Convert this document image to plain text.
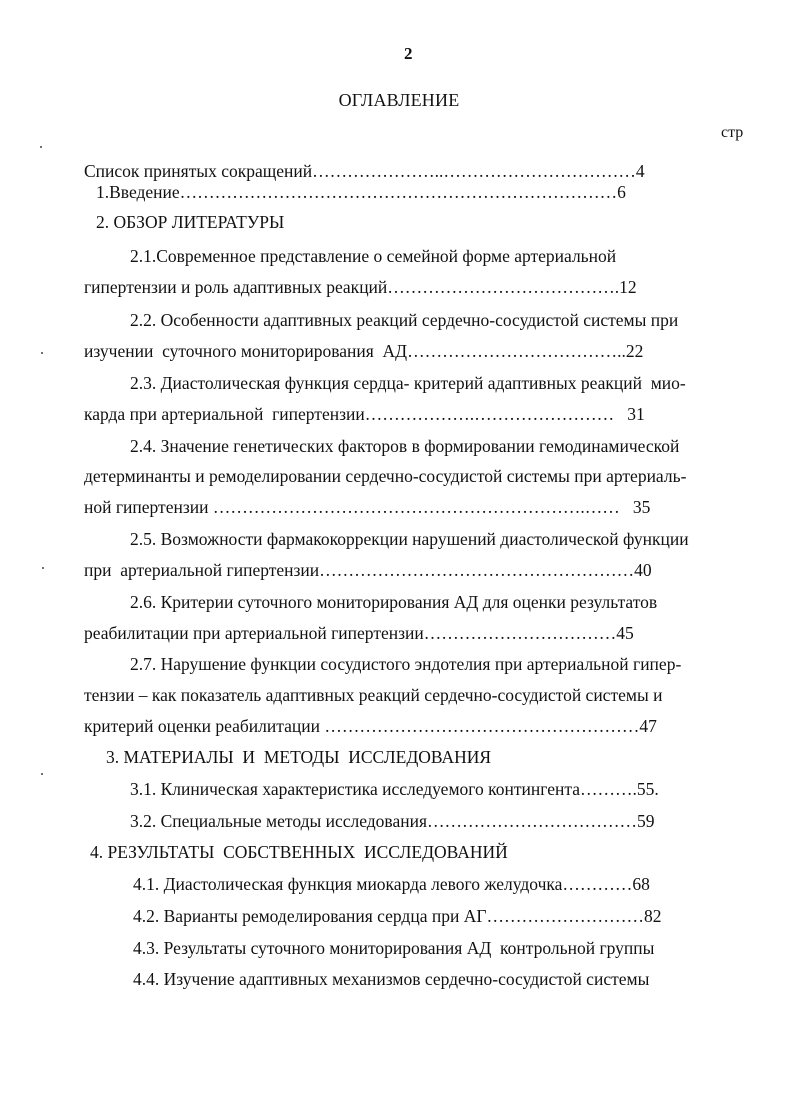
2
ОГЛАВЛЕНИЕ
стр
Список принятых сокращений…………………..……………………………4
1.Введение…………………………………………………………………6
2. ОБЗОР ЛИТЕРАТУРЫ
2.1.Современное представление о семейной форме артериальной
гипертензии и роль адаптивных реакций………………………………….12
2.2. Особенности адаптивных реакций сердечно-сосудистой системы при
изучении  суточного мониторирования  АД………………………………..22
2.3. Диастолическая функция сердца- критерий адаптивных реакций  мио-
карда при артериальной  гипертензии……………….……………………   31
2.4. Значение генетических факторов в формировании гемодинамической
детерминанты и ремоделировании сердечно-сосудистой системы при артериаль-
ной гипертензии ……………………………………………………….……   35
2.5. Возможности фармакокоррекции нарушений диастолической функции
при  артериальной гипертензии………………………………………………40
2.6. Критерии суточного мониторирования АД для оценки результатов
реабилитации при артериальной гипертензии……………………………45
2.7. Нарушение функции сосудистого эндотелия при артериальной гипер-
тензии – как показатель адаптивных реакций сердечно-сосудистой системы и
критерий оценки реабилитации ………………………………………………47
3. МАТЕРИАЛЫ  И  МЕТОДЫ  ИССЛЕДОВАНИЯ
3.1. Клиническая характеристика исследуемого контингента……….55.
3.2. Специальные методы исследования………………………………59
4. РЕЗУЛЬТАТЫ  СОБСТВЕННЫХ  ИССЛЕДОВАНИЙ
4.1. Диастолическая функция миокарда левого желудочка…………68
4.2. Варианты ремоделирования сердца при АГ………………………82
4.3. Результаты суточного мониторирования АД  контрольной группы
4.4. Изучение адаптивных механизмов сердечно-сосудистой системы
